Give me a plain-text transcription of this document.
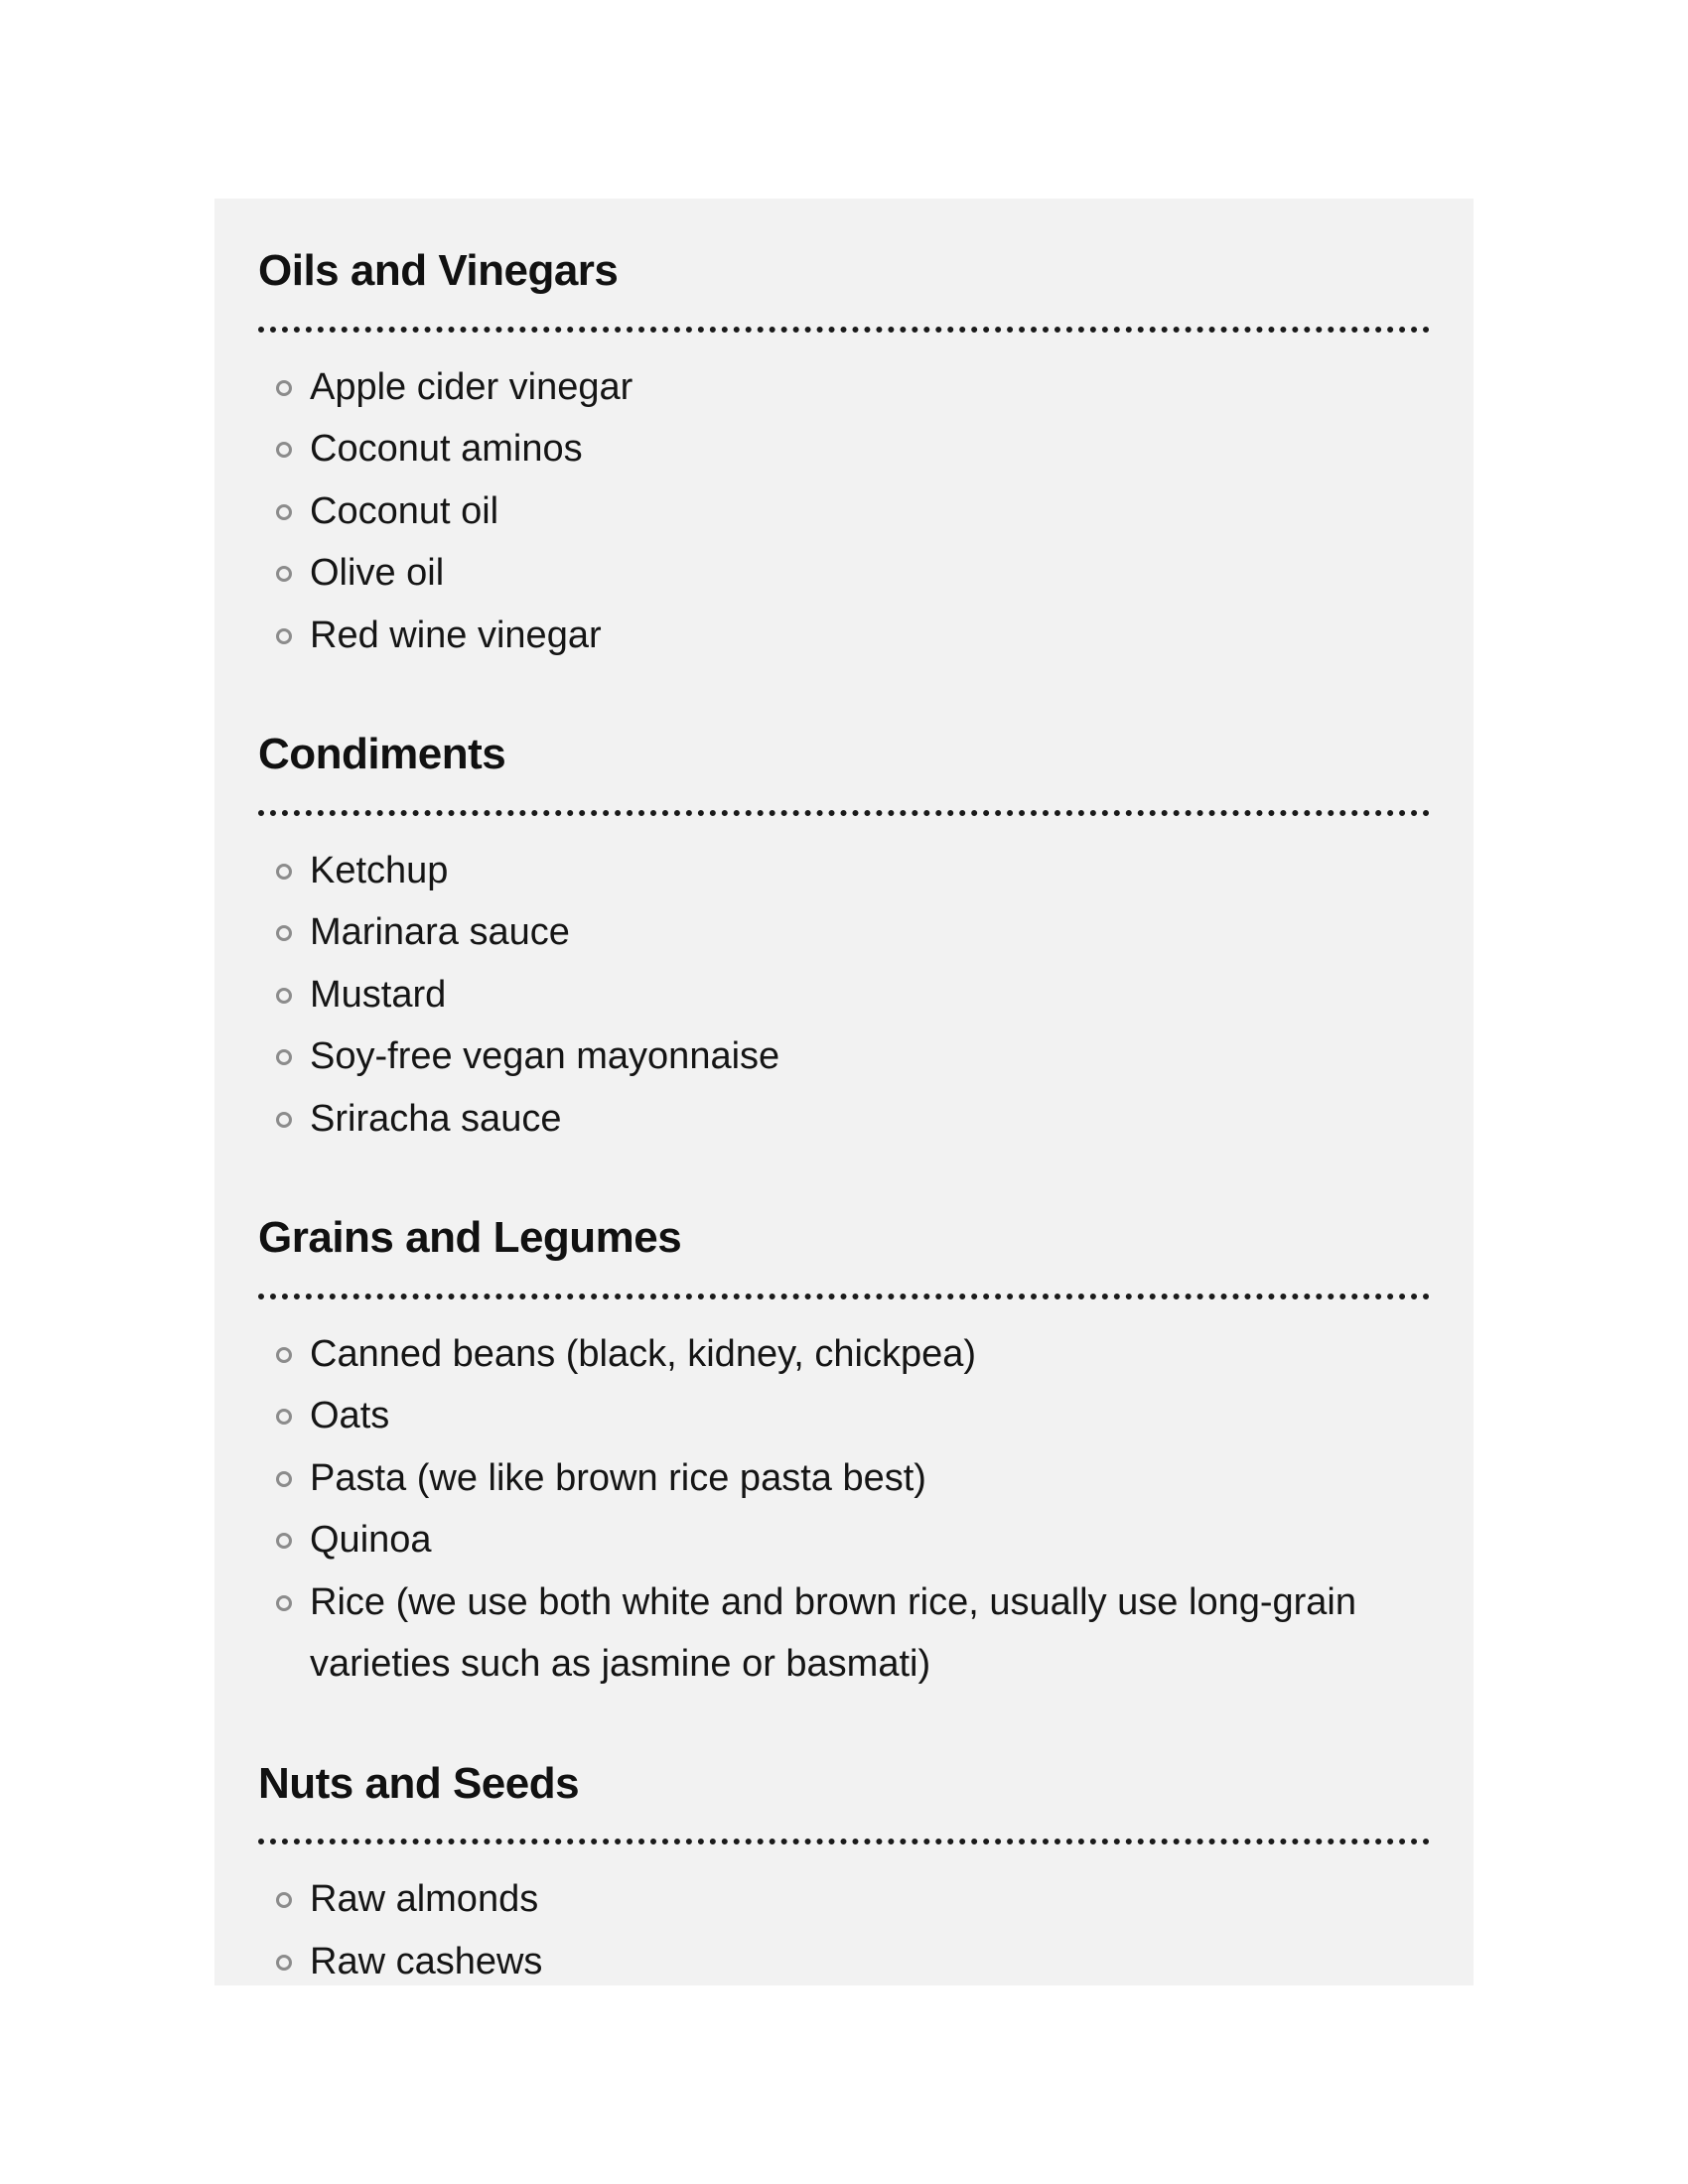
Oils and Vinegars
Apple cider vinegar
Coconut aminos
Coconut oil
Olive oil
Red wine vinegar
Condiments
Ketchup
Marinara sauce
Mustard
Soy-free vegan mayonnaise
Sriracha sauce
Grains and Legumes
Canned beans (black, kidney, chickpea)
Oats
Pasta (we like brown rice pasta best)
Quinoa
Rice (we use both white and brown rice, usually use long-grain varieties such as jasmine or basmati)
Nuts and Seeds
Raw almonds
Raw cashews
